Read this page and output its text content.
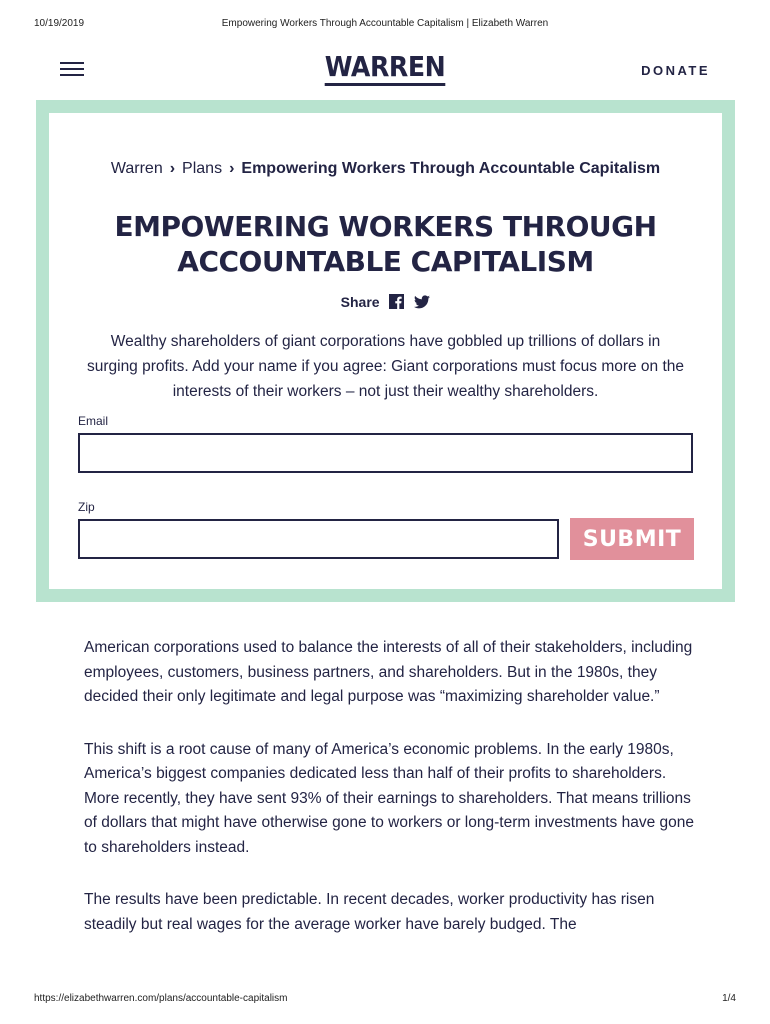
10/19/2019	Empowering Workers Through Accountable Capitalism | Elizabeth Warren
WARREN	DONATE
Warren › Plans › Empowering Workers Through Accountable Capitalism
EMPOWERING WORKERS THROUGH ACCOUNTABLE CAPITALISM
Share

Wealthy shareholders of giant corporations have gobbled up trillions of dollars in surging profits. Add your name if you agree: Giant corporations must focus more on the interests of their workers – not just their wealthy shareholders.

Email
Zip
SUBMIT

American corporations used to balance the interests of all of their stakeholders, including employees, customers, business partners, and shareholders. But in the 1980s, they decided their only legitimate and legal purpose was “maximizing shareholder value.”

This shift is a root cause of many of America’s economic problems. In the early 1980s, America’s biggest companies dedicated less than half of their profits to shareholders. More recently, they have sent 93% of their earnings to shareholders. That means trillions of dollars that might have otherwise gone to workers or long-term investments have gone to shareholders instead.

The results have been predictable. In recent decades, worker productivity has risen steadily but real wages for the average worker have barely budged. The

https://elizabethwarren.com/plans/accountable-capitalism	1/4
